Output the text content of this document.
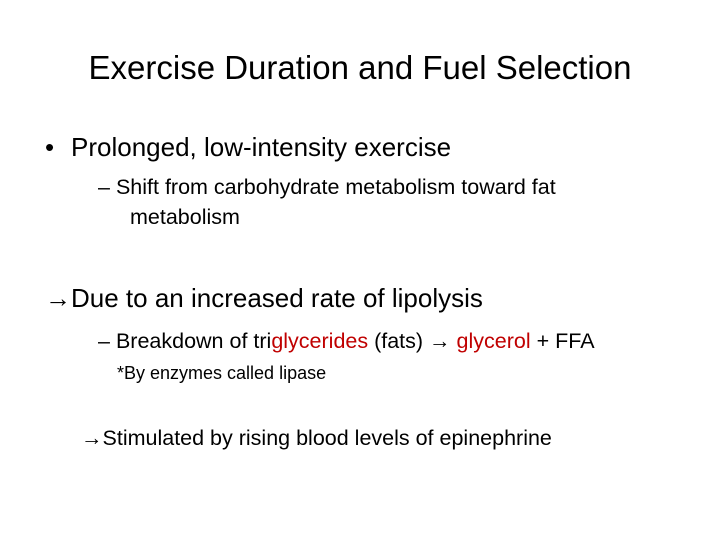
Exercise Duration and Fuel Selection
• Prolonged, low-intensity exercise
– Shift from carbohydrate metabolism toward fat
metabolism
→Due to an increased rate of lipolysis
– Breakdown of triglycerides (fats) → glycerol + FFA
*By enzymes called lipase
→Stimulated by rising blood levels of epinephrine
